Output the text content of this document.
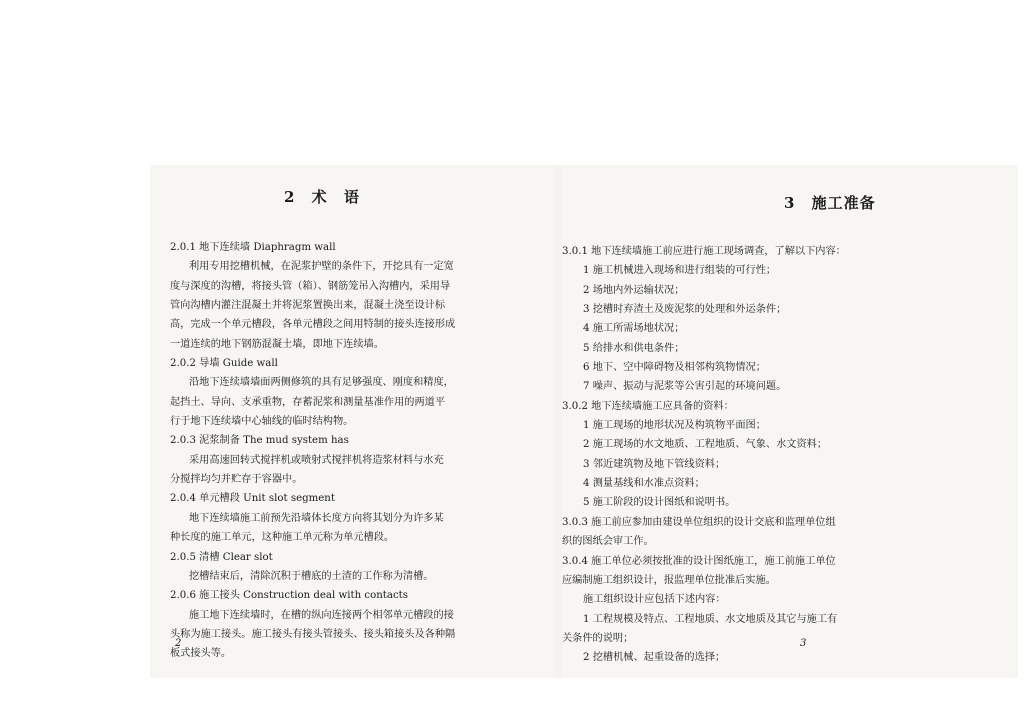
2 术 语
2.0.1 地下连续墙 Diaphragm wall
利用专用挖槽机械，在泥浆护壁的条件下，开挖具有一定宽
度与深度的沟槽，将接头管（箱）、钢筋笼吊入沟槽内，采用导
管向沟槽内灌注混凝土并将泥浆置换出来，混凝土浇至设计标
高，完成一个单元槽段，各单元槽段之间用特制的接头连接形成
一道连续的地下钢筋混凝土墙，即地下连续墙。
2.0.2 导墙 Guide wall
沿地下连续墙墙面两侧修筑的具有足够强度、刚度和精度，
起挡土、导向、支承重物，存蓄泥浆和测量基准作用的两道平
行于地下连续墙中心轴线的临时结构物。
2.0.3 泥浆制备 The mud system has
采用高速回转式搅拌机或喷射式搅拌机将造浆材料与水充
分搅拌均匀并贮存于容器中。
2.0.4 单元槽段 Unit slot segment
地下连续墙施工前预先沿墙体长度方向将其划分为许多某
种长度的施工单元，这种施工单元称为单元槽段。
2.0.5 清槽 Clear slot
挖槽结束后，清除沉积于槽底的土渣的工作称为清槽。
2.0.6 施工接头 Construction deal with contacts
施工地下连续墙时，在槽的纵向连接两个相邻单元槽段的接
头称为施工接头。施工接头有接头管接头、接头箱接头及各种隔
板式接头等。
2
3 施工准备
3.0.1 地下连续墙施工前应进行施工现场调查，了解以下内容：
1 施工机械进入现场和进行组装的可行性；
2 场地内外运输状况；
3 挖槽时弃渣土及废泥浆的处理和外运条件；
4 施工所需场地状况；
5 给排水和供电条件；
6 地下、空中障碍物及相邻构筑物情况；
7 噪声、振动与泥浆等公害引起的环境问题。
3.0.2 地下连续墙施工应具备的资料：
1 施工现场的地形状况及构筑物平面图；
2 施工现场的水文地质、工程地质、气象、水文资料；
3 邻近建筑物及地下管线资料；
4 测量基线和水准点资料；
5 施工阶段的设计图纸和说明书。
3.0.3 施工前应参加由建设单位组织的设计交底和监理单位组
织的图纸会审工作。
3.0.4 施工单位必须按批准的设计图纸施工，施工前施工单位
应编制施工组织设计，报监理单位批准后实施。
施工组织设计应包括下述内容：
1 工程规模及特点、工程地质、水文地质及其它与施工有
关条件的说明；
2 挖槽机械、起重设备的选择；
3
